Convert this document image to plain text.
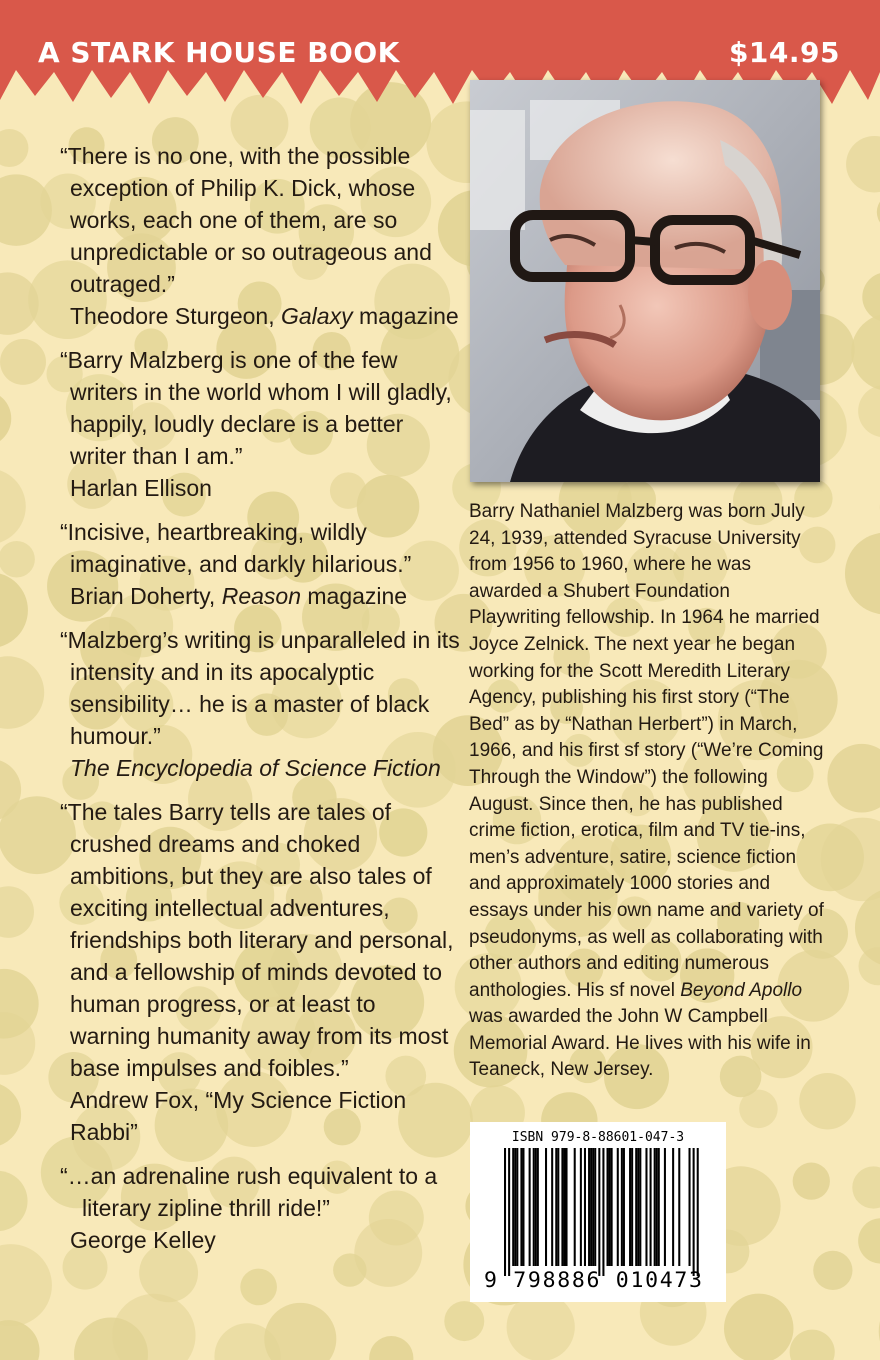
A STARK HOUSE BOOK	$14.95
“There is no one, with the possible exception of Philip K. Dick, whose works, each one of them, are so unpredictable or so outrageous and outraged.”
Theodore Sturgeon, Galaxy magazine
“Barry Malzberg is one of the few writers in the world whom I will gladly, happily, loudly declare is a better writer than I am.”
Harlan Ellison
“Incisive, heartbreaking, wildly imaginative, and darkly hilarious.”
Brian Doherty, Reason magazine
“Malzberg’s writing is unparalleled in its intensity and in its apocalyptic sensibility… he is a master of black humour.”
The Encyclopedia of Science Fiction
“The tales Barry tells are tales of crushed dreams and choked ambitions, but they are also tales of exciting intellectual adventures, friendships both literary and personal, and a fellowship of minds devoted to human progress, or at least to warning humanity away from its most base impulses and foibles.”
Andrew Fox, “My Science Fiction Rabbi”
“…an adrenaline rush equivalent to a literary zipline thrill ride!”
George Kelley

Barry Nathaniel Malzberg was born July 24, 1939, attended Syracuse University from 1956 to 1960, where he was awarded a Shubert Foundation Playwriting fellowship. In 1964 he married Joyce Zelnick. The next year he began working for the Scott Meredith Literary Agency, publishing his first story (“The Bed” as by “Nathan Herbert”) in March, 1966, and his first sf story (“We’re Coming Through the Window”) the following August. Since then, he has published crime fiction, erotica, film and TV tie-ins, men’s adventure, satire, science fiction and approximately 1000 stories and essays under his own name and variety of pseudonyms, as well as collaborating with other authors and editing numerous anthologies. His sf novel Beyond Apollo was awarded the John W Campbell Memorial Award. He lives with his wife in Teaneck, New Jersey.

ISBN 979-8-88601-047-3
9 798886 010473
